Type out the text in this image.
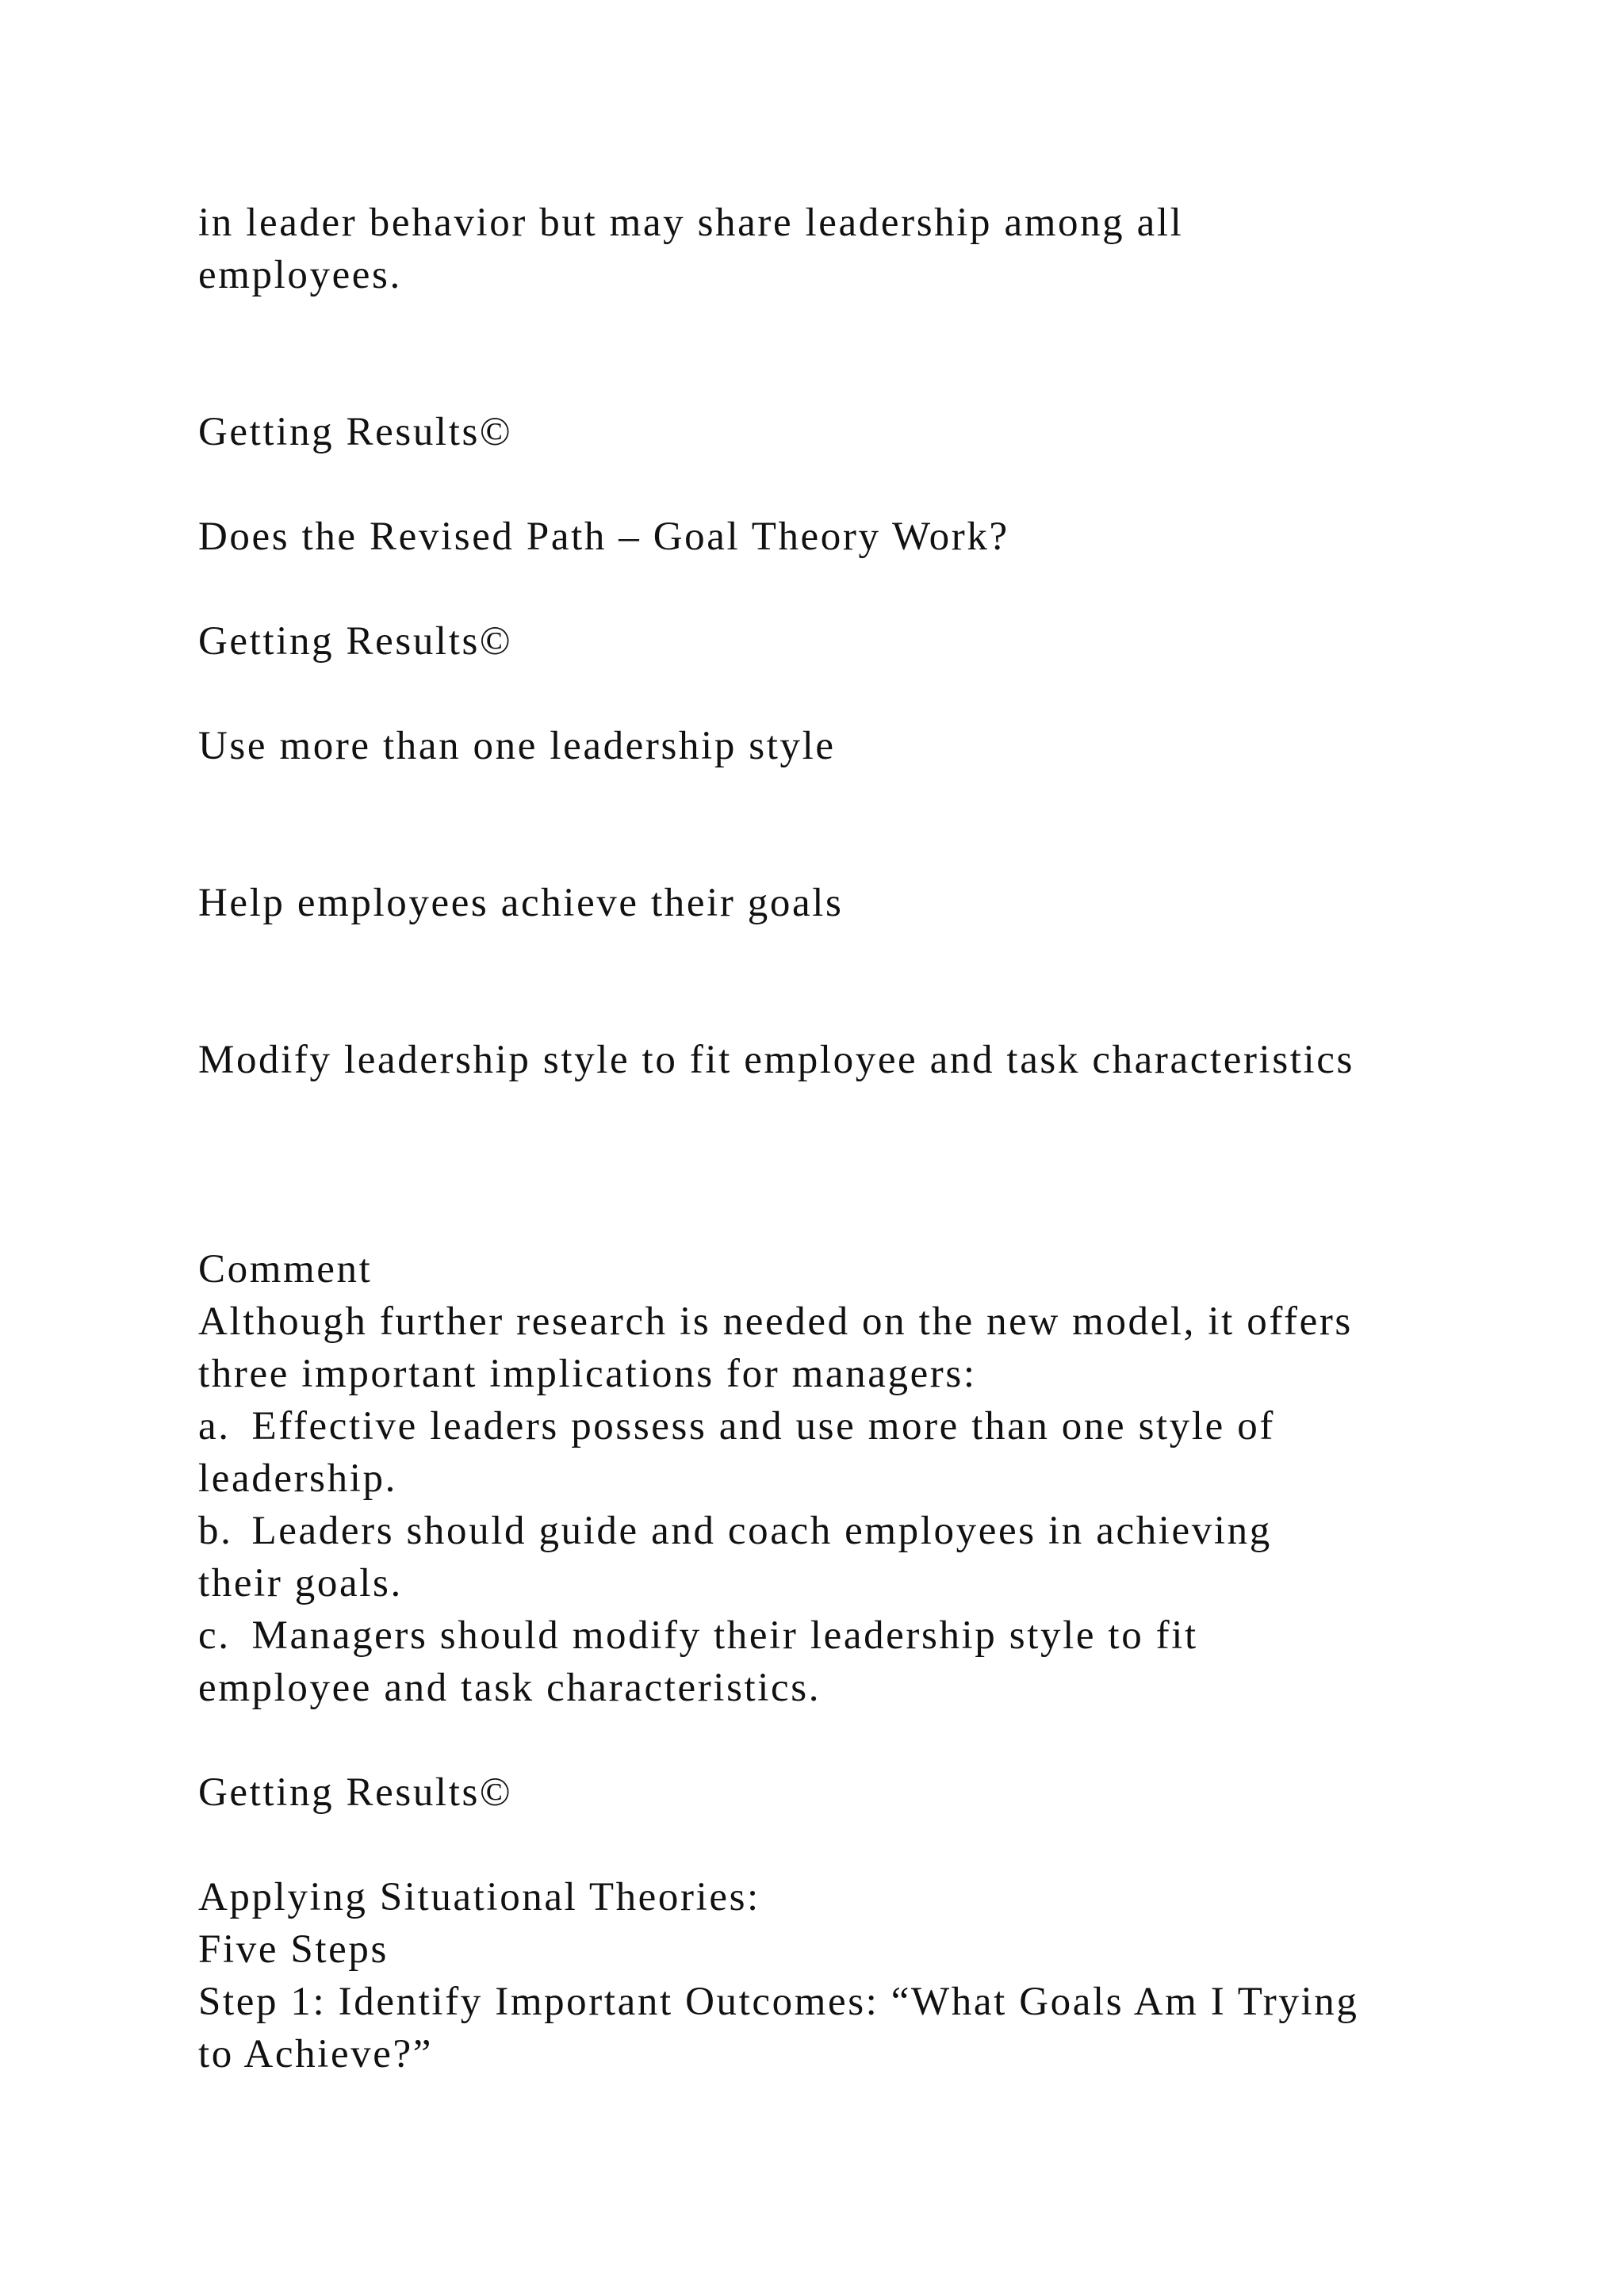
in leader behavior but may share leadership among all

employees.

Getting Results©

Does the Revised Path – Goal Theory Work?

Getting Results©

Use more than one leadership style

Help employees achieve their goals

Modify leadership style to fit employee and task characteristics

Comment

Although further research is needed on the new model, it offers

three important implications for managers:

a.	Effective leaders possess and use more than one style of

leadership.

b.	Leaders should guide and coach employees in achieving

their goals.

c.	Managers should modify their leadership style to fit

employee and task characteristics.

Getting Results©

Applying Situational Theories:

Five Steps

Step 1: Identify Important Outcomes: “What Goals Am I Trying

to Achieve?”
